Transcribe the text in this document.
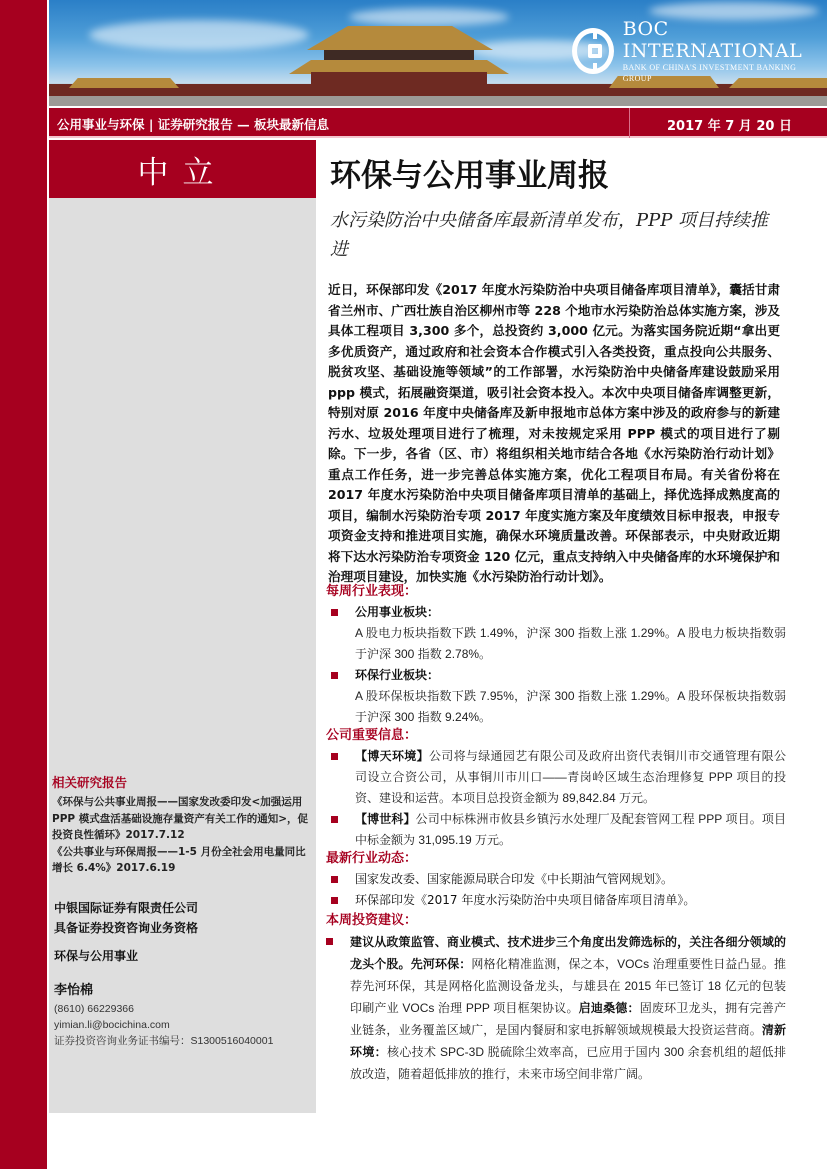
BOC INTERNATIONAL
BANK OF CHINA'S INVESTMENT BANKING GROUP
公用事业与环保 | 证券研究报告 — 板块最新信息	2017 年 7 月 20 日
中立
相关研究报告
《环保与公共事业周报——国家发改委印发<加强运用 PPP 模式盘活基础设施存量资产有关工作的通知>，促投资良性循环》2017.7.12
《公共事业与环保周报——1-5 月份全社会用电量同比增长 6.4%》2017.6.19
中银国际证券有限责任公司
具备证券投资咨询业务资格
环保与公用事业
李怡棉
(8610) 66229366
yimian.li@bocichina.com
证券投资咨询业务证书编号：S1300516040001
环保与公用事业周报
水污染防治中央储备库最新清单发布，PPP 项目持续推进
近日，环保部印发《2017 年度水污染防治中央项目储备库项目清单》，囊括甘肃省兰州市、广西壮族自治区柳州市等 228 个地市水污染防治总体实施方案，涉及具体工程项目 3,300 多个，总投资约 3,000 亿元。为落实国务院近期“拿出更多优质资产，通过政府和社会资本合作模式引入各类投资，重点投向公共服务、脱贫攻坚、基础设施等领域”的工作部署，水污染防治中央储备库建设鼓励采用 ppp 模式，拓展融资渠道，吸引社会资本投入。本次中央项目储备库调整更新，特别对原 2016 年度中央储备库及新申报地市总体方案中涉及的政府参与的新建污水、垃圾处理项目进行了梳理，对未按规定采用 PPP 模式的项目进行了剔除。下一步，各省（区、市）将组织相关地市结合各地《水污染防治行动计划》重点工作任务，进一步完善总体实施方案，优化工程项目布局。有关省份将在 2017 年度水污染防治中央项目储备库项目清单的基础上，择优选择成熟度高的项目，编制水污染防治专项 2017 年度实施方案及年度绩效目标申报表，申报专项资金支持和推进项目实施，确保水环境质量改善。环保部表示，中央财政近期将下达水污染防治专项资金 120 亿元，重点支持纳入中央储备库的水环境保护和治理项目建设，加快实施《水污染防治行动计划》。
每周行业表现：
公用事业板块：
A 股电力板块指数下跌 1.49%，沪深 300 指数上涨 1.29%。A 股电力板块指数弱于沪深 300 指数 2.78%。
环保行业板块：
A 股环保板块指数下跌 7.95%，沪深 300 指数上涨 1.29%。A 股环保板块指数弱于沪深 300 指数 9.24%。
公司重要信息：
【博天环境】公司将与绿通园艺有限公司及政府出资代表铜川市交通管理有限公司设立合资公司，从事铜川市川口——青岗岭区域生态治理修复 PPP 项目的投资、建设和运营。本项目总投资金额为 89,842.84 万元。
【博世科】公司中标株洲市攸县乡镇污水处理厂及配套管网工程 PPP 项目。项目中标金额为 31,095.19 万元。
最新行业动态：
国家发改委、国家能源局联合印发《中长期油气管网规划》。
环保部印发《2017 年度水污染防治中央项目储备库项目清单》。
本周投资建议：
建议从政策监管、商业模式、技术进步三个角度出发筛选标的，关注各细分领域的龙头个股。先河环保：网格化精准监测，保之本，VOCs 治理重要性日益凸显。推荐先河环保，其是网格化监测设备龙头，与雄县在 2015 年已签订 18 亿元的包装印刷产业 VOCs 治理 PPP 项目框架协议。启迪桑德：固废环卫龙头，拥有完善产业链条，业务覆盖区域广，是国内餐厨和家电拆解领域规模最大投资运营商。清新环境：核心技术 SPC-3D 脱硫除尘效率高，已应用于国内 300 余套机组的超低排放改造，随着超低排放的推行，未来市场空间非常广阔。
